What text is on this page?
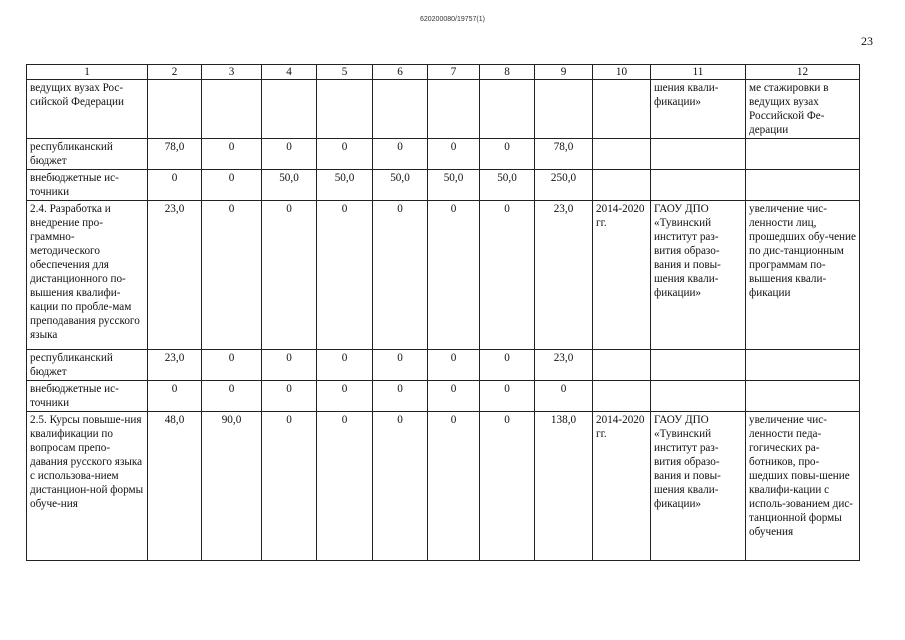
620200080/19757(1)
23
1	2	3	4	5	6	7	8	9	10	11	12
ведущих вузах Рос-сийской Федерации										шения квали-фикации»	ме стажировки в ведущих вузах Российской Фе-дерации
республиканский бюджет	78,0	0	0	0	0	0	0	78,0			
внебюджетные ис-точники	0	0	50,0	50,0	50,0	50,0	50,0	250,0			
2.4. Разработка и внедрение про-граммно-методического обеспечения для дистанционного по-вышения квалифи-кации по пробле-мам преподавания русского языка	23,0	0	0	0	0	0	0	23,0	2014-2020 гг.	ГАОУ ДПО «Тувинский институт раз-вития образо-вания и повы-шения квали-фикации»	увеличение чис-ленности лиц, прошедших обу-чение по дис-танционным программам по-вышения квали-фикации
республиканский бюджет	23,0	0	0	0	0	0	0	23,0			
внебюджетные ис-точники	0	0	0	0	0	0	0	0			
2.5. Курсы повыше-ния квалификации по вопросам препо-давания русского языка с использова-нием дистанцион-ной формы обуче-ния	48,0	90,0	0	0	0	0	0	138,0	2014-2020 гг.	ГАОУ ДПО «Тувинский институт раз-вития образо-вания и повы-шения квали-фикации»	увеличение чис-ленности педа-гогических ра-ботников, про-шедших повы-шение квалифи-кации с исполь-зованием дис-танционной формы обучения
